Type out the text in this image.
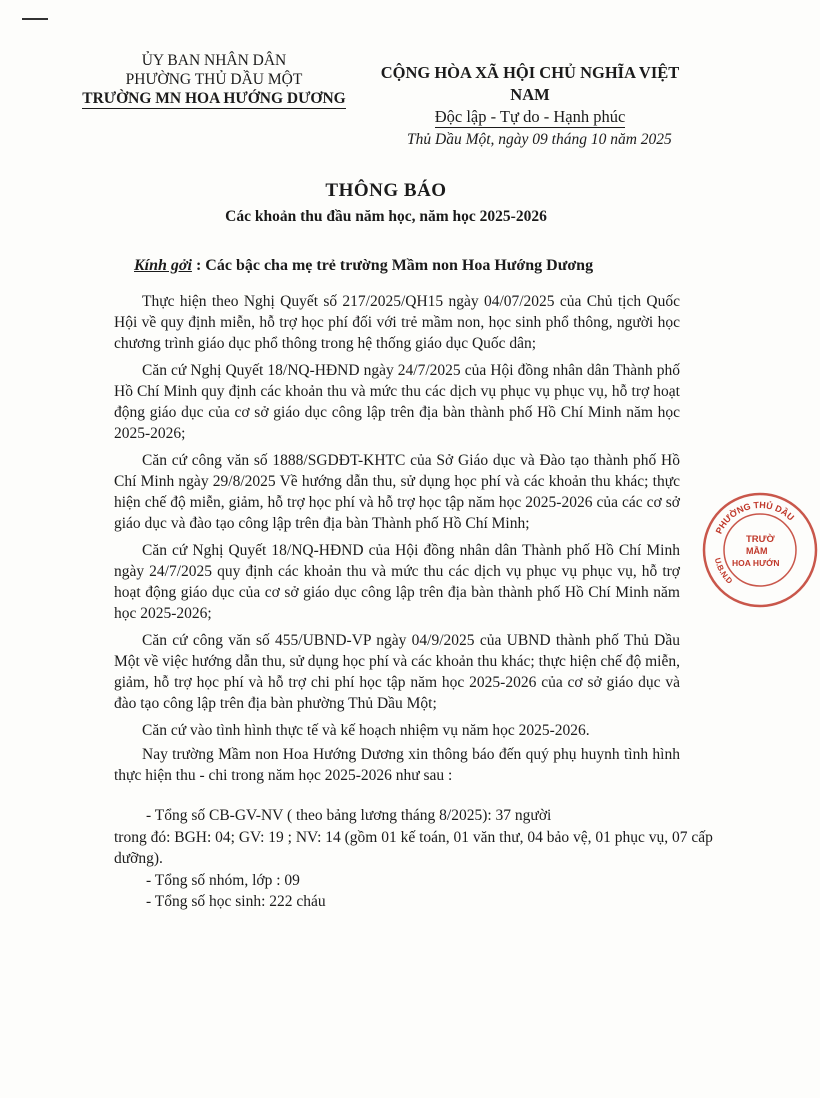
ỦY BAN NHÂN DÂN
PHƯỜNG THỦ DẦU MỘT
TRƯỜNG MN HOA HƯỚNG DƯƠNG
CỘNG HÒA XÃ HỘI CHỦ NGHĨA VIỆT NAM
Độc lập - Tự do - Hạnh phúc
Thủ Dầu Một, ngày 09 tháng 10 năm 2025
THÔNG BÁO
Các khoản thu đầu năm học, năm học 2025-2026
Kính gởi : Các bậc cha mẹ trẻ trường Mầm non Hoa Hướng Dương

Thực hiện theo Nghị Quyết số 217/2025/QH15 ngày 04/07/2025 của Chủ tịch Quốc Hội về quy định miễn, hỗ trợ học phí đối với trẻ mầm non, học sinh phổ thông, người học chương trình giáo dục phổ thông trong hệ thống giáo dục Quốc dân;

Căn cứ Nghị Quyết 18/NQ-HĐND ngày 24/7/2025 của Hội đồng nhân dân Thành phố Hồ Chí Minh quy định các khoản thu và mức thu các dịch vụ phục vụ phục vụ, hỗ trợ hoạt động giáo dục của cơ sở giáo dục công lập trên địa bàn thành phố Hồ Chí Minh năm học 2025-2026;

Căn cứ công văn số 1888/SGDĐT-KHTC của Sở Giáo dục và Đào tạo thành phố Hồ Chí Minh ngày 29/8/2025 Về hướng dẫn thu, sử dụng học phí và các khoản thu khác; thực hiện chế độ miễn, giảm, hỗ trợ học phí và hỗ trợ học tập năm học 2025-2026 của các cơ sở giáo dục và đào tạo công lập trên địa bàn Thành phố Hồ Chí Minh;

Căn cứ Nghị Quyết 18/NQ-HĐND của Hội đồng nhân dân Thành phố Hồ Chí Minh ngày 24/7/2025 quy định các khoản thu và mức thu các dịch vụ phục vụ phục vụ, hỗ trợ hoạt động giáo dục của cơ sở giáo dục công lập trên địa bàn thành phố Hồ Chí Minh năm học 2025-2026;

Căn cứ công văn số 455/UBND-VP ngày 04/9/2025 của UBND thành phố Thủ Dầu Một về việc hướng dẫn thu, sử dụng học phí và các khoản thu khác; thực hiện chế độ miễn, giảm, hỗ trợ học phí và hỗ trợ chi phí học tập năm học 2025-2026 của cơ sở giáo dục và đào tạo công lập trên địa bàn phường Thủ Dầu Một;

Căn cứ vào tình hình thực tế và kế hoạch nhiệm vụ năm học 2025-2026.

Nay trường Mầm non Hoa Hướng Dương xin thông báo đến quý phụ huynh tình hình thực hiện thu - chi trong năm học 2025-2026 như sau :

- Tổng số CB-GV-NV ( theo bảng lương tháng 8/2025): 37 người
trong đó: BGH: 04; GV: 19 ; NV: 14 (gồm 01 kế toán, 01 văn thư, 04 bảo vệ, 01 phục vụ, 07 cấp dưỡng).
- Tổng số nhóm, lớp : 09
- Tổng số học sinh: 222 cháu
PHƯỜNG THỦ DẦU
U.B.N.D
TRƯỜ
MẦM
HOA HƯỚN
